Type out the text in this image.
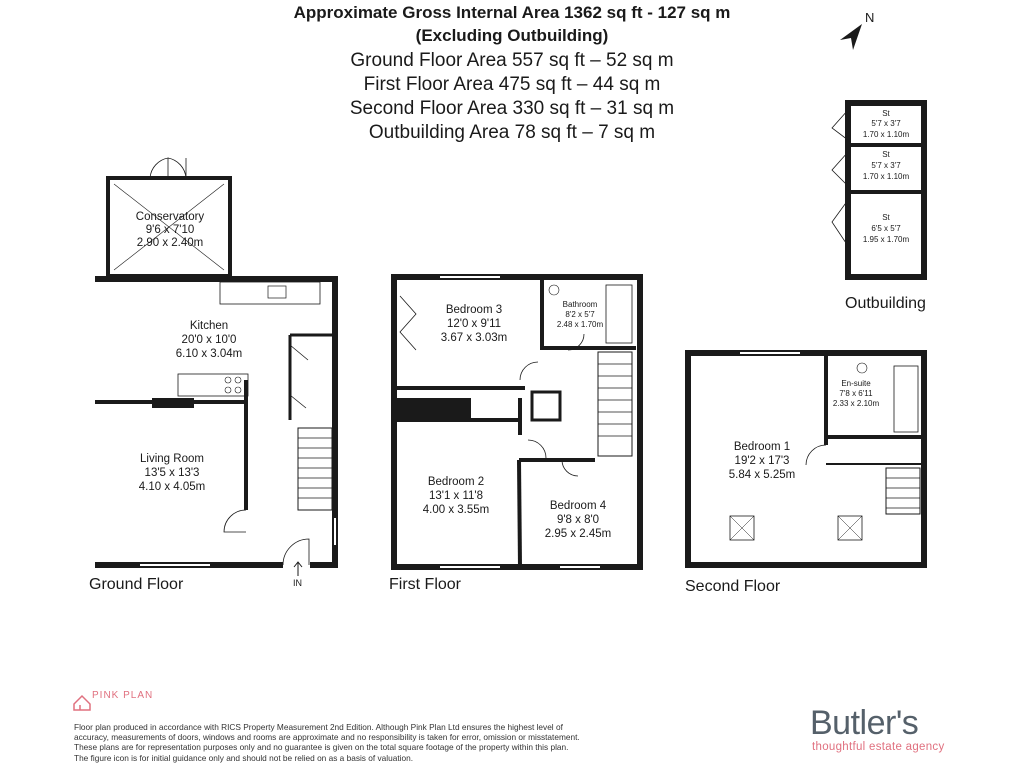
Approximate Gross Internal Area 1362 sq ft - 127 sq m
(Excluding Outbuilding)
Ground Floor Area 557 sq ft – 52 sq m
First Floor Area 475 sq ft – 44 sq m
Second Floor Area 330 sq ft – 31 sq m
Outbuilding Area 78 sq ft – 7 sq m
N
Conservatory
9'6 x 7'10
2.90 x 2.40m
Kitchen
20'0 x 10'0
6.10 x 3.04m
Living Room
13'5 x 13'3
4.10 x 4.05m
Bedroom 3
12'0 x 9'11
3.67 x 3.03m
Bathroom
8'2 x 5'7
2.48 x 1.70m
Bedroom 2
13'1 x 11'8
4.00 x 3.55m	Bedroom 4
9'8 x 8'0
2.95 x 2.45m
Bedroom 1
19'2 x 17'3
5.84 x 5.25m
En-suite
7'8 x 6'11
2.33 x 2.10m
St
5'7 x 3'7
1.70 x 1.10m
St
5'7 x 3'7
1.70 x 1.10m
St
6'5 x 5'7
1.95 x 1.70m
Ground Floor	First Floor	Second Floor
Outbuilding
IN
PINK PLAN
Floor plan produced in accordance with RICS Property Measurement 2nd Edition. Although Pink Plan Ltd ensures the highest level of accuracy, measurements of doors, windows and rooms are approximate and no responsibility is taken for error, omission or misstatement. These plans are for representation purposes only and no guarantee is given on the total square footage of the property within this plan. The figure icon is for initial guidance only and should not be relied on as a basis of valuation.
Butler's
thoughtful estate agency
